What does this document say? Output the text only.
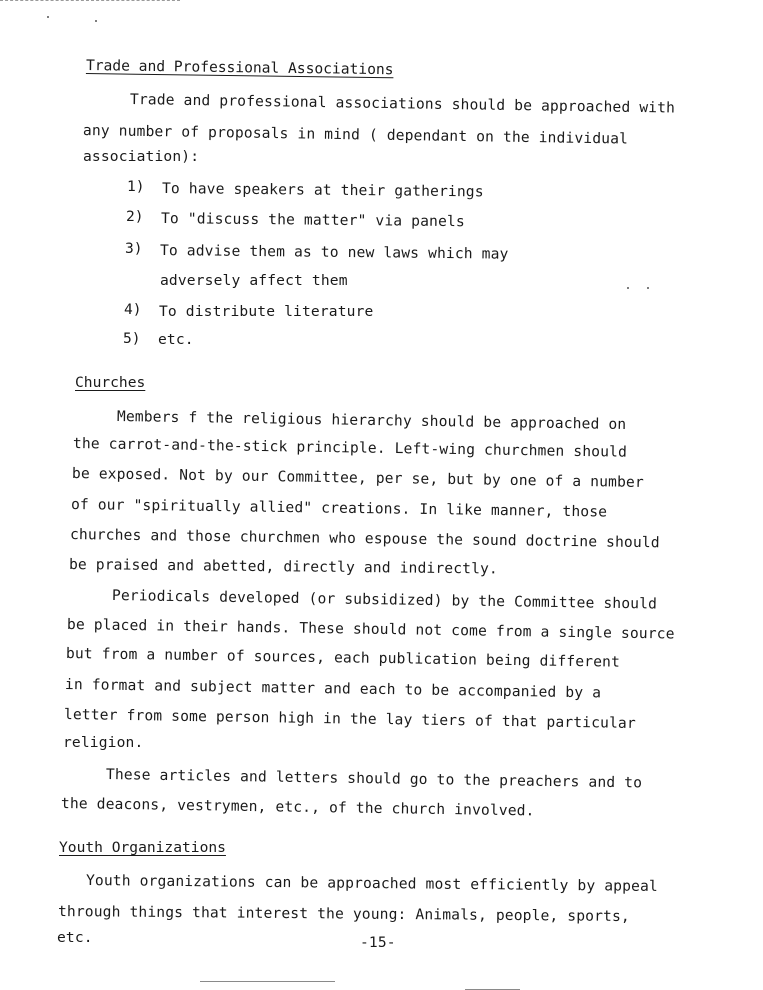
Trade and Professional Associations
Trade and professional associations should be approached with
any number of proposals in mind ( dependant on the individual
association):
1) To have speakers at their gatherings
2) To "discuss the matter" via panels
3) To advise them as to new laws which may
adversely affect them
4) To distribute literature
5) etc.
Churches
Members f the religious hierarchy should be approached on
the carrot-and-the-stick principle. Left-wing churchmen should
be exposed. Not by our Committee, per se, but by one of a number
of our "spiritually allied" creations. In like manner, those
churches and those churchmen who espouse the sound doctrine should
be praised and abetted, directly and indirectly.
Periodicals developed (or subsidized) by the Committee should
be placed in their hands. These should not come from a single source
but from a number of sources, each publication being different
in format and subject matter and each to be accompanied by a
letter from some person high in the lay tiers of that particular
religion.
These articles and letters should go to the preachers and to
the deacons, vestrymen, etc., of the church involved.
Youth Organizations
Youth organizations can be approached most efficiently by appeal
through things that interest the young: Animals, people, sports,
etc.	-15-
